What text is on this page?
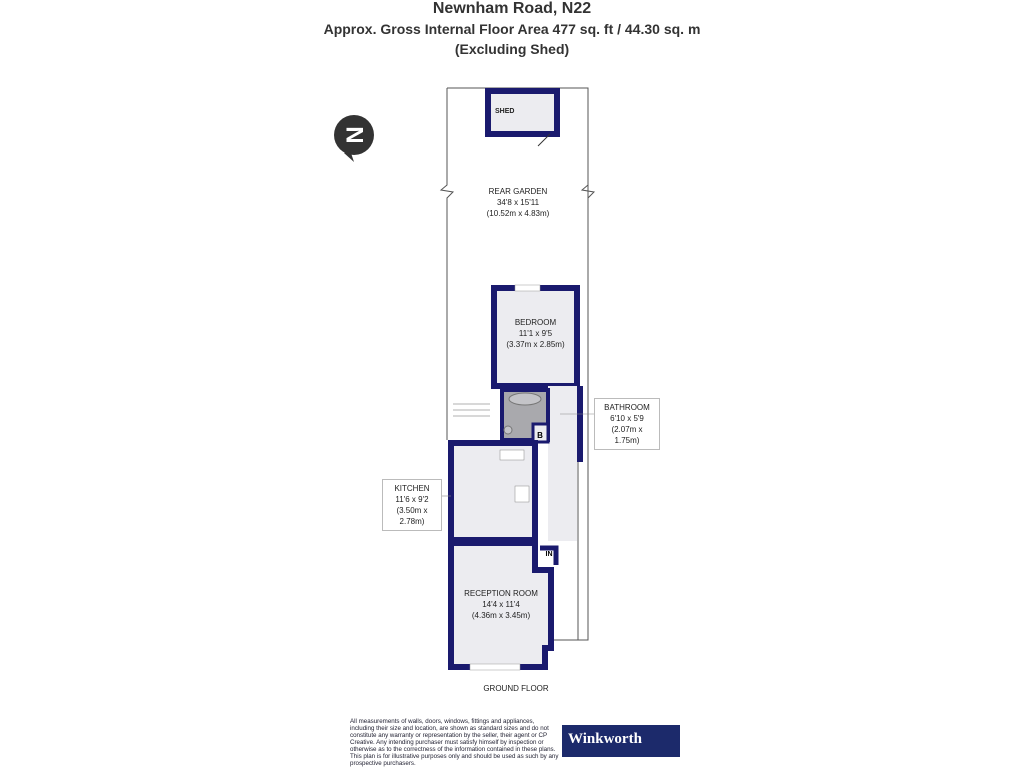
Newnham Road, N22
Approx. Gross Internal Floor Area 477 sq. ft / 44.30 sq. m
(Excluding Shed)
B
IN
N
SHED
REAR GARDEN
34'8 x 15'11
(10.52m x 4.83m)
BEDROOM
11'1 x 9'5
(3.37m x 2.85m)
BATHROOM
6'10 x 5'9
(2.07m x 1.75m)
KITCHEN
11'6 x 9'2
(3.50m x 2.78m)
RECEPTION ROOM
14'4 x 11'4
(4.36m x 3.45m)
GROUND FLOOR
All measurements of walls, doors, windows, fittings and appliances, including their size and location, are shown as standard sizes and do not constitute any warranty or representation by the seller, their agent or CP Creative. Any intending purchaser must satisfy himself by inspection or otherwise as to the correctness of the information contained in these plans. This plan is for illustrative purposes only and should be used as such by any prospective purchasers.
Winkworth
